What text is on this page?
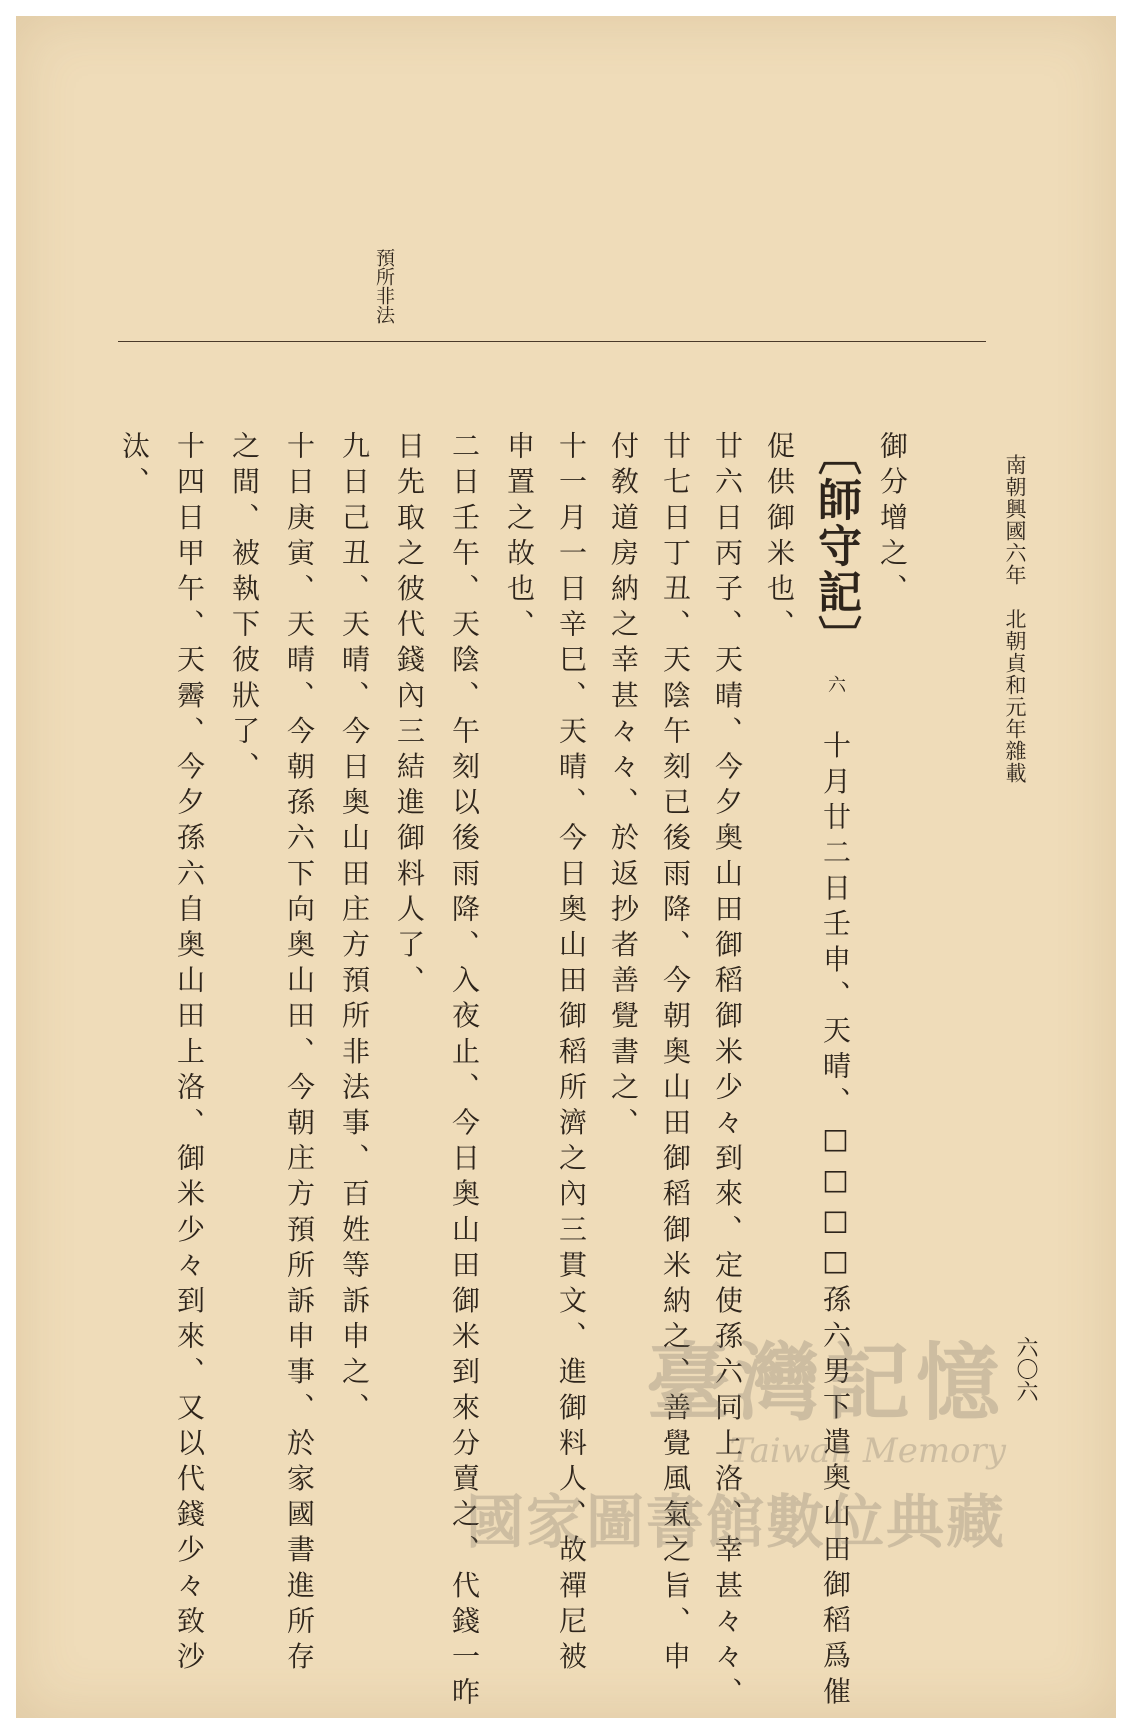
預所非法
南朝興國六年　北朝貞和元年雜載
六〇六
御分增之、
〔師守記〕六十月廿二日壬申、天晴、□□□□孫六男下遣奥山田御稻爲催
促供御米也、
廿六日丙子、天晴、今夕奥山田御稻御米少々到來、定使孫六同上洛、幸甚々々、
廿七日丁丑、天陰午刻已後雨降、今朝奥山田御稻御米納之、善覺風氣之旨、申
付敎道房納之幸甚々々、於返抄者善覺書之、
十一月一日辛巳、天晴、今日奥山田御稻所濟之內三貫文、進御料人、故禪尼被
申置之故也、
二日壬午、天陰、午刻以後雨降、入夜止、今日奥山田御米到來分賣之、代錢一昨
日先取之彼代錢內三結進御料人了、
九日己丑、天晴、今日奥山田庄方預所非法事、百姓等訴申之、
十日庚寅、天晴、今朝孫六下向奥山田、今朝庄方預所訴申事、於家國書進所存
之間、被執下彼狀了、
十四日甲午、天霽、今夕孫六自奥山田上洛、御米少々到來、又以代錢少々致沙
汰、
臺灣記憶
Taiwan Memory
國家圖書館數位典藏
